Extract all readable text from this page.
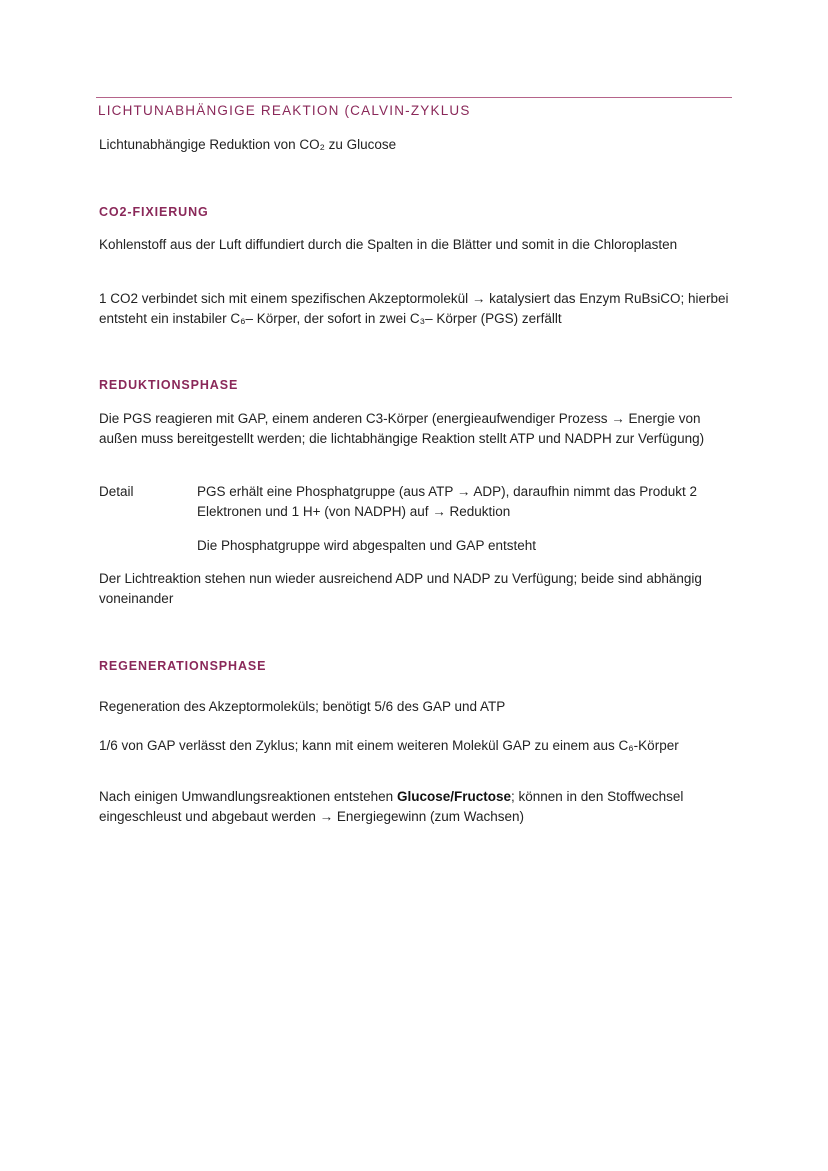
LICHTUNABHÄNGIGE REAKTION (CALVIN-ZYKLUS

Lichtunabhängige Reduktion von CO₂ zu Glucose

CO2-FIXIERUNG

Kohlenstoff aus der Luft diffundiert durch die Spalten in die Blätter und somit in die Chloroplasten

1 CO2 verbindet sich mit einem spezifischen Akzeptormolekül → katalysiert das Enzym RuBsiCO; hierbei entsteht ein instabiler C₆– Körper, der sofort in zwei C₃– Körper (PGS) zerfällt

REDUKTIONSPHASE

Die PGS reagieren mit GAP, einem anderen C3-Körper (energieaufwendiger Prozess → Energie von außen muss bereitgestellt werden; die lichtabhängige Reaktion stellt ATP und NADPH zur Verfügung)

Detail	PGS erhält eine Phosphatgruppe (aus ATP → ADP), daraufhin nimmt das Produkt 2 Elektronen und 1 H+ (von NADPH) auf → Reduktion

Die Phosphatgruppe wird abgespalten und GAP entsteht

Der Lichtreaktion stehen nun wieder ausreichend ADP und NADP zu Verfügung; beide sind abhängig voneinander

REGENERATIONSPHASE

Regeneration des Akzeptormoleküls; benötigt 5/6 des GAP und ATP

1/6 von GAP verlässt den Zyklus; kann mit einem weiteren Molekül GAP zu einem aus C₆-Körper

Nach einigen Umwandlungsreaktionen entstehen Glucose/Fructose; können in den Stoffwechsel eingeschleust und abgebaut werden → Energiegewinn (zum Wachsen)
